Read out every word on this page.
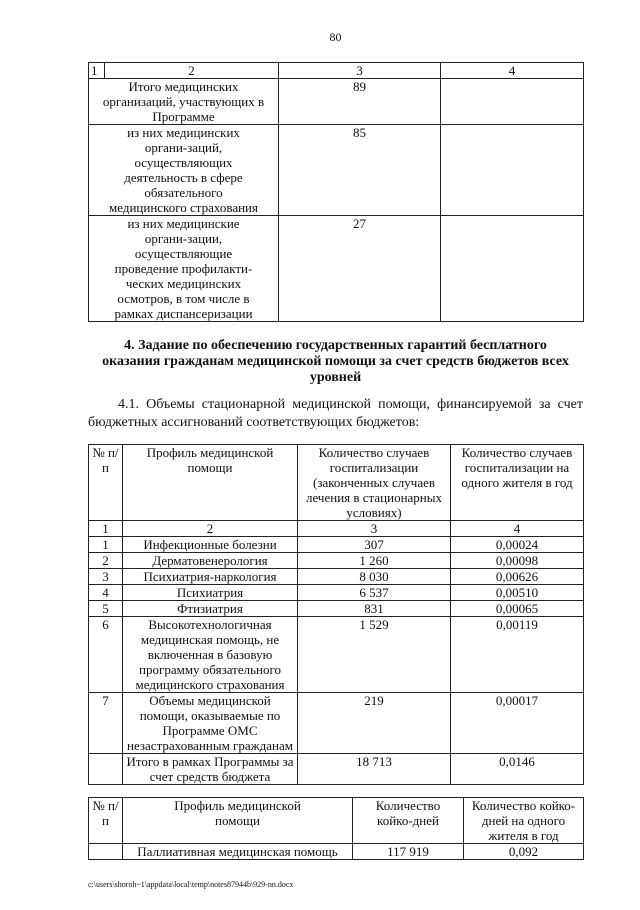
80
1	2	3	4
Итого медицинских организаций, участвующих в Программе		89	
из них медицинских органи-заций, осуществляющих деятельность в сфере обязательного медицинского страхования		85	
из них медицинские органи-зации, осуществляющие проведение профилакти-ческих медицинских осмотров, в том числе в рамках диспансеризации		27	
4. Задание по обеспечению государственных гарантий бесплатного оказания гражданам медицинской помощи за счет средств бюджетов всех уровней
4.1. Объемы стационарной медицинской помощи, финансируемой за счет бюджетных ассигнований соответствующих бюджетов:
№ п/п	Профиль медицинской помощи	Количество случаев госпитализации (законченных случаев лечения в стационарных условиях)	Количество случаев госпитализации на одного жителя в год
1	2	3	4
1	Инфекционные болезни	307	0,00024
2	Дерматовенерология	1 260	0,00098
3	Психиатрия-наркология	8 030	0,00626
4	Психиатрия	6 537	0,00510
5	Фтизиатрия	831	0,00065
6	Высокотехнологичная медицинская помощь, не включенная в базовую программу обязательного медицинского страхования	1 529	0,00119
7	Объемы медицинской помощи, оказываемые по Программе ОМС незастрахованным гражданам	219	0,00017
	Итого в рамках Программы за счет средств бюджета	18 713	0,0146
№ п/п	Профиль медицинской помощи	Количество койко-дней	Количество койко-дней на одного жителя в год
	Паллиативная медицинская помощь	117 919	0,092
c:\users\shoroh~1\appdata\local\temp\notes87944b\929-nn.docx
